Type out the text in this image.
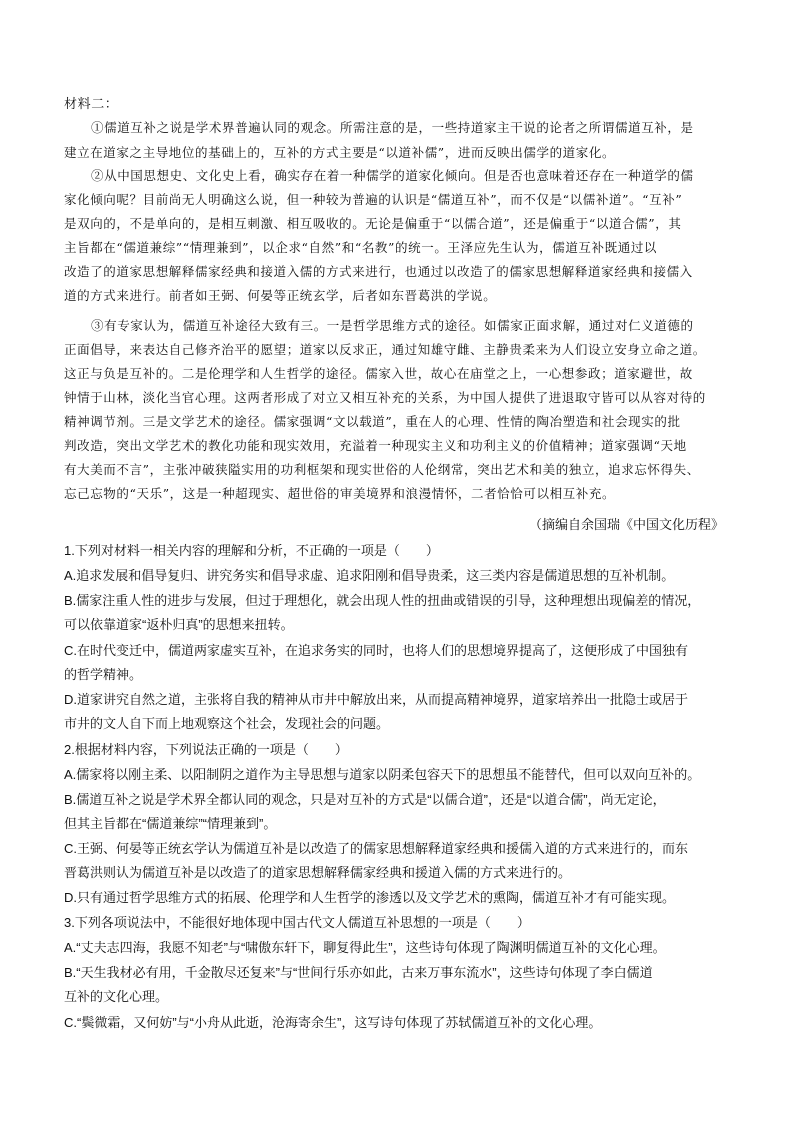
材料二：
①儒道互补之说是学术界普遍认同的观念。所需注意的是，一些持道家主干说的论者之所谓儒道互补，是
建立在道家之主导地位的基础上的，互补的方式主要是“以道补儒”，进而反映出儒学的道家化。
②从中国思想史、文化史上看，确实存在着一种儒学的道家化倾向。但是否也意味着还存在一种道学的儒
家化倾向呢？目前尚无人明确这么说，但一种较为普遍的认识是“儒道互补”，而不仅是“以儒补道”。“互补”
是双向的，不是单向的，是相互刺激、相互吸收的。无论是偏重于“以儒合道”，还是偏重于“以道合儒”，其
主旨都在“儒道兼综”“情理兼到”，以企求“自然”和“名教”的统一。王泽应先生认为，儒道互补既通过以
改造了的道家思想解释儒家经典和接道入儒的方式来进行，也通过以改造了的儒家思想解释道家经典和接儒入
道的方式来进行。前者如王弼、何晏等正统玄学，后者如东晋葛洪的学说。
③有专家认为，儒道互补途径大致有三。一是哲学思维方式的途径。如儒家正面求解，通过对仁义道德的
正面倡导，来表达自己修齐治平的愿望；道家以反求正，通过知雄守雌、主静贵柔来为人们设立安身立命之道。
这正与负是互补的。二是伦理学和人生哲学的途径。儒家入世，故心在庙堂之上，一心想参政；道家避世，故
钟情于山林，淡化当官心理。这两者形成了对立又相互补充的关系，为中国人提供了进退取守皆可以从容对待的
精神调节剂。三是文学艺术的途径。儒家强调“文以载道”，重在人的心理、性情的陶冶塑造和社会现实的批
判改造，突出文学艺术的教化功能和现实效用，充溢着一种现实主义和功利主义的价值精神；道家强调“天地
有大美而不言”，主张冲破狭隘实用的功利框架和现实世俗的人伦纲常，突出艺术和美的独立，追求忘怀得失、
忘己忘物的“天乐”，这是一种超现实、超世俗的审美境界和浪漫情怀，二者恰恰可以相互补充。
（摘编自余国瑞《中国文化历程》
1.下列对材料一相关内容的理解和分析，不正确的一项是（　　）
A.追求发展和倡导复归、讲究务实和倡导求虚、追求阳刚和倡导贵柔，这三类内容是儒道思想的互补机制。
B.儒家注重人性的进步与发展，但过于理想化，就会出现人性的扭曲或错误的引导，这种理想出现偏差的情况，
可以依靠道家“返朴归真”的思想来扭转。
C.在时代变迁中，儒道两家虚实互补，在追求务实的同时，也将人们的思想境界提高了，这便形成了中国独有
的哲学精神。
D.道家讲究自然之道，主张将自我的精神从市井中解放出来，从而提高精神境界，道家培养出一批隐士或居于
市井的文人自下而上地观察这个社会，发现社会的问题。
2.根据材料内容，下列说法正确的一项是（　　）
A.儒家将以刚主柔、以阳制阴之道作为主导思想与道家以阴柔包容天下的思想虽不能替代，但可以双向互补的。
B.儒道互补之说是学术界全都认同的观念，只是对互补的方式是“以儒合道”，还是“以道合儒”，尚无定论，
但其主旨都在“儒道兼综”“情理兼到”。
C.王弼、何晏等正统玄学认为儒道互补是以改造了的儒家思想解释道家经典和援儒入道的方式来进行的，而东
晋葛洪则认为儒道互补是以改造了的道家思想解释儒家经典和援道入儒的方式来进行的。
D.只有通过哲学思维方式的拓展、伦理学和人生哲学的渗透以及文学艺术的熏陶，儒道互补才有可能实现。
3.下列各项说法中，不能很好地体现中国古代文人儒道互补思想的一项是（　　）
A.“丈夫志四海，我愿不知老”与“啸傲东轩下，聊复得此生”，这些诗句体现了陶渊明儒道互补的文化心理。
B.“天生我材必有用，千金散尽还复来”与“世间行乐亦如此，古来万事东流水”，这些诗句体现了李白儒道
互补的文化心理。
C.“鬓微霜，又何妨”与“小舟从此逝，沧海寄余生”，这写诗句体现了苏轼儒道互补的文化心理。
